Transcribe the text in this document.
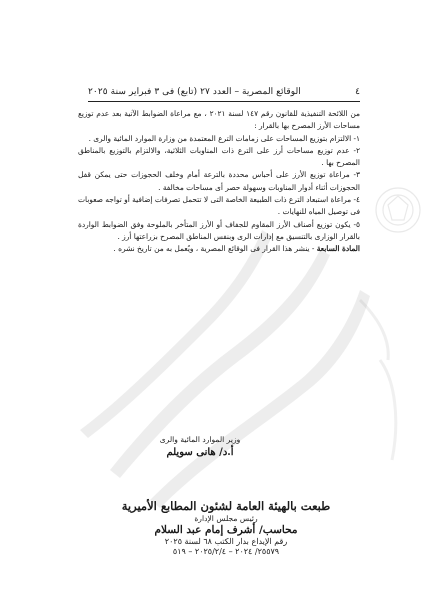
٤
الوقائع المصرية – العدد ٢٧ (تابع) فى ٣ فبراير سنة ٢٠٢٥

من اللائحة التنفيذية للقانون رقم ١٤٧ لسنة ٢٠٢١ ، مع مراعاة الضوابط الآتية بعد عدم توزيع مساحات الأرز المصرح بها بالقرار :

١- الالتزام بتوزيع المساحات على زمامات الترع المعتمدة من وزارة الموارد المائية والرى .

٢- عدم توزيع مساحات أرز على الترع ذات المناوبات الثلاثية، والالتزام بالتوزيع بالمناطق المصرح بها .

٣- مراعاة توزيع الأرز على أحباس محددة بالترعة أمام وخلف الحجوزات حتى يمكن قفل الحجوزات أثناء أدوار المناوبات وسهولة حصر أى مساحات مخالفة .

٤- مراعاة استبعاد الترع ذات الطبيعة الخاصة التى لا تتحمل تصرفات إضافية أو تواجه صعوبات فى توصيل المياه للنهايات .

٥- يكون توزيع أصناف الأرز المقاوم للجفاف أو الأرز المتأخر بالملوحة وفق الضوابط الواردة بالقرار الوزارى بالتنسيق مع إدارات الرى وبنفس المناطق المصرح بزراعتها أرز .

المادة السابعة - ينشر هذا القرار فى الوقائع المصرية ، ويُعمل به من تاريخ نشره .

وزير الموارد المائية والرى
أ.د/ هانى سويلم
طبعت بالهيئة العامة لشئون المطابع الأميرية
رئيس مجلس الإدارة
محاسب/ أشرف إمام عبد السلام
رقم الإيداع بدار الكتب ٦٨ لسنة ٢٠٢٥
٢٥٥٧٩/ ٢٠٢٤ – ٢٠٢٥/٢/٤ – ٥١٩
